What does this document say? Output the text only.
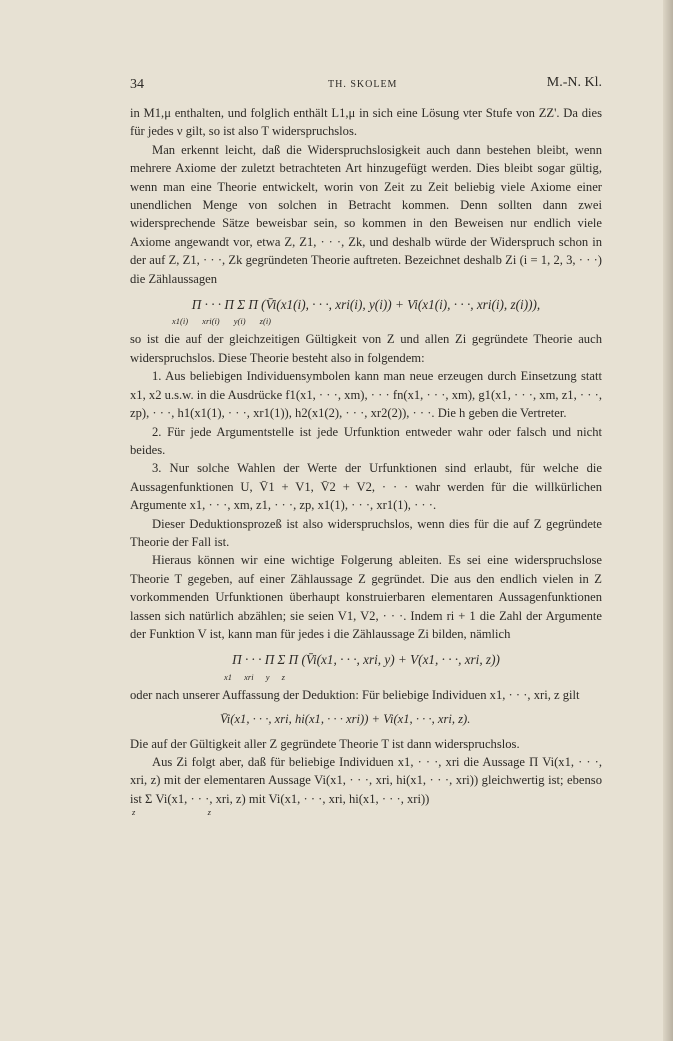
34	TH. SKOLEM	M.-N. Kl.

in M1,μ enthalten, und folglich enthält L1,μ in sich eine Lösung νter Stufe von ZZ'. Da dies für jedes ν gilt, so ist also T widerspruchslos.

Man erkennt leicht, daß die Widerspruchslosigkeit auch dann bestehen bleibt, wenn mehrere Axiome der zuletzt betrachteten Art hinzugefügt werden. Dies bleibt sogar gültig, wenn man eine Theorie entwickelt, worin von Zeit zu Zeit beliebig viele Axiome einer unendlichen Menge von solchen in Betracht kommen. Denn sollten dann zwei widersprechende Sätze beweisbar sein, so kommen in den Beweisen nur endlich viele Axiome angewandt vor, etwa Z, Z1, · · ·, Zk, und deshalb würde der Widerspruch schon in der auf Z, Z1, · · ·, Zk gegründeten Theorie auftreten. Bezeichnet deshalb Zi (i = 1, 2, 3, · · ·) die Zählaussagen

Π · · · Π Σ Π (V̄i(x1(i), · · ·, xri(i), y(i)) + Vi(x1(i), · · ·, xri(i), z(i))),
x1(i) xri(i) y(i) z(i)

so ist die auf der gleichzeitigen Gültigkeit von Z und allen Zi gegründete Theorie auch widerspruchslos. Diese Theorie besteht also in folgendem:

1. Aus beliebigen Individuensymbolen kann man neue erzeugen durch Einsetzung statt x1, x2 u.s.w. in die Ausdrücke f1(x1, · · ·, xm), · · · fn(x1, · · ·, xm), g1(x1, · · ·, xm, z1, · · ·, zp), · · ·, h1(x1(1), · · ·, xr1(1)), h2(x1(2), · · ·, xr2(2)), · · ·. Die h geben die Vertreter.

2. Für jede Argumentstelle ist jede Urfunktion entweder wahr oder falsch und nicht beides.

3. Nur solche Wahlen der Werte der Urfunktionen sind erlaubt, für welche die Aussagenfunktionen U, V̄1 + V1, V̄2 + V2, · · · wahr werden für die willkürlichen Argumente x1, · · ·, xm, z1, · · ·, zp, x1(1), · · ·, xr1(1), · · ·.

Dieser Deduktionsprozeß ist also widerspruchslos, wenn dies für die auf Z gegründete Theorie der Fall ist.

Hieraus können wir eine wichtige Folgerung ableiten. Es sei eine widerspruchslose Theorie T gegeben, auf einer Zählaussage Z gegründet. Die aus den endlich vielen in Z vorkommenden Urfunktionen überhaupt konstruierbaren elementaren Aussagenfunktionen lassen sich natürlich abzählen; sie seien V1, V2, · · ·. Indem ri + 1 die Zahl der Argumente der Funktion V ist, kann man für jedes i die Zählaussage Zi bilden, nämlich

Π · · · Π Σ Π (V̄i(x1, · · ·, xri, y) + V(x1, · · ·, xri, z))
x1 xri y z

oder nach unserer Auffassung der Deduktion: Für beliebige Individuen x1, · · ·, xri, z gilt

V̄i(x1, · · ·, xri, hi(x1, · · · xri)) + Vi(x1, · · ·, xri, z).

Die auf der Gültigkeit aller Z gegründete Theorie T ist dann widerspruchslos.

Aus Zi folgt aber, daß für beliebige Individuen x1, · · ·, xri die Aussage Π Vi(x1, · · ·, xri, z) mit der elementaren Aussage Vi(x1, · · ·, xri, hi(x1, · · ·, xri)) gleichwertig ist; ebenso ist Σ Vi(x1, · · ·, xri, z) mit Vi(x1, · · ·, xri, hi(x1, · · ·, xri))

z	z
